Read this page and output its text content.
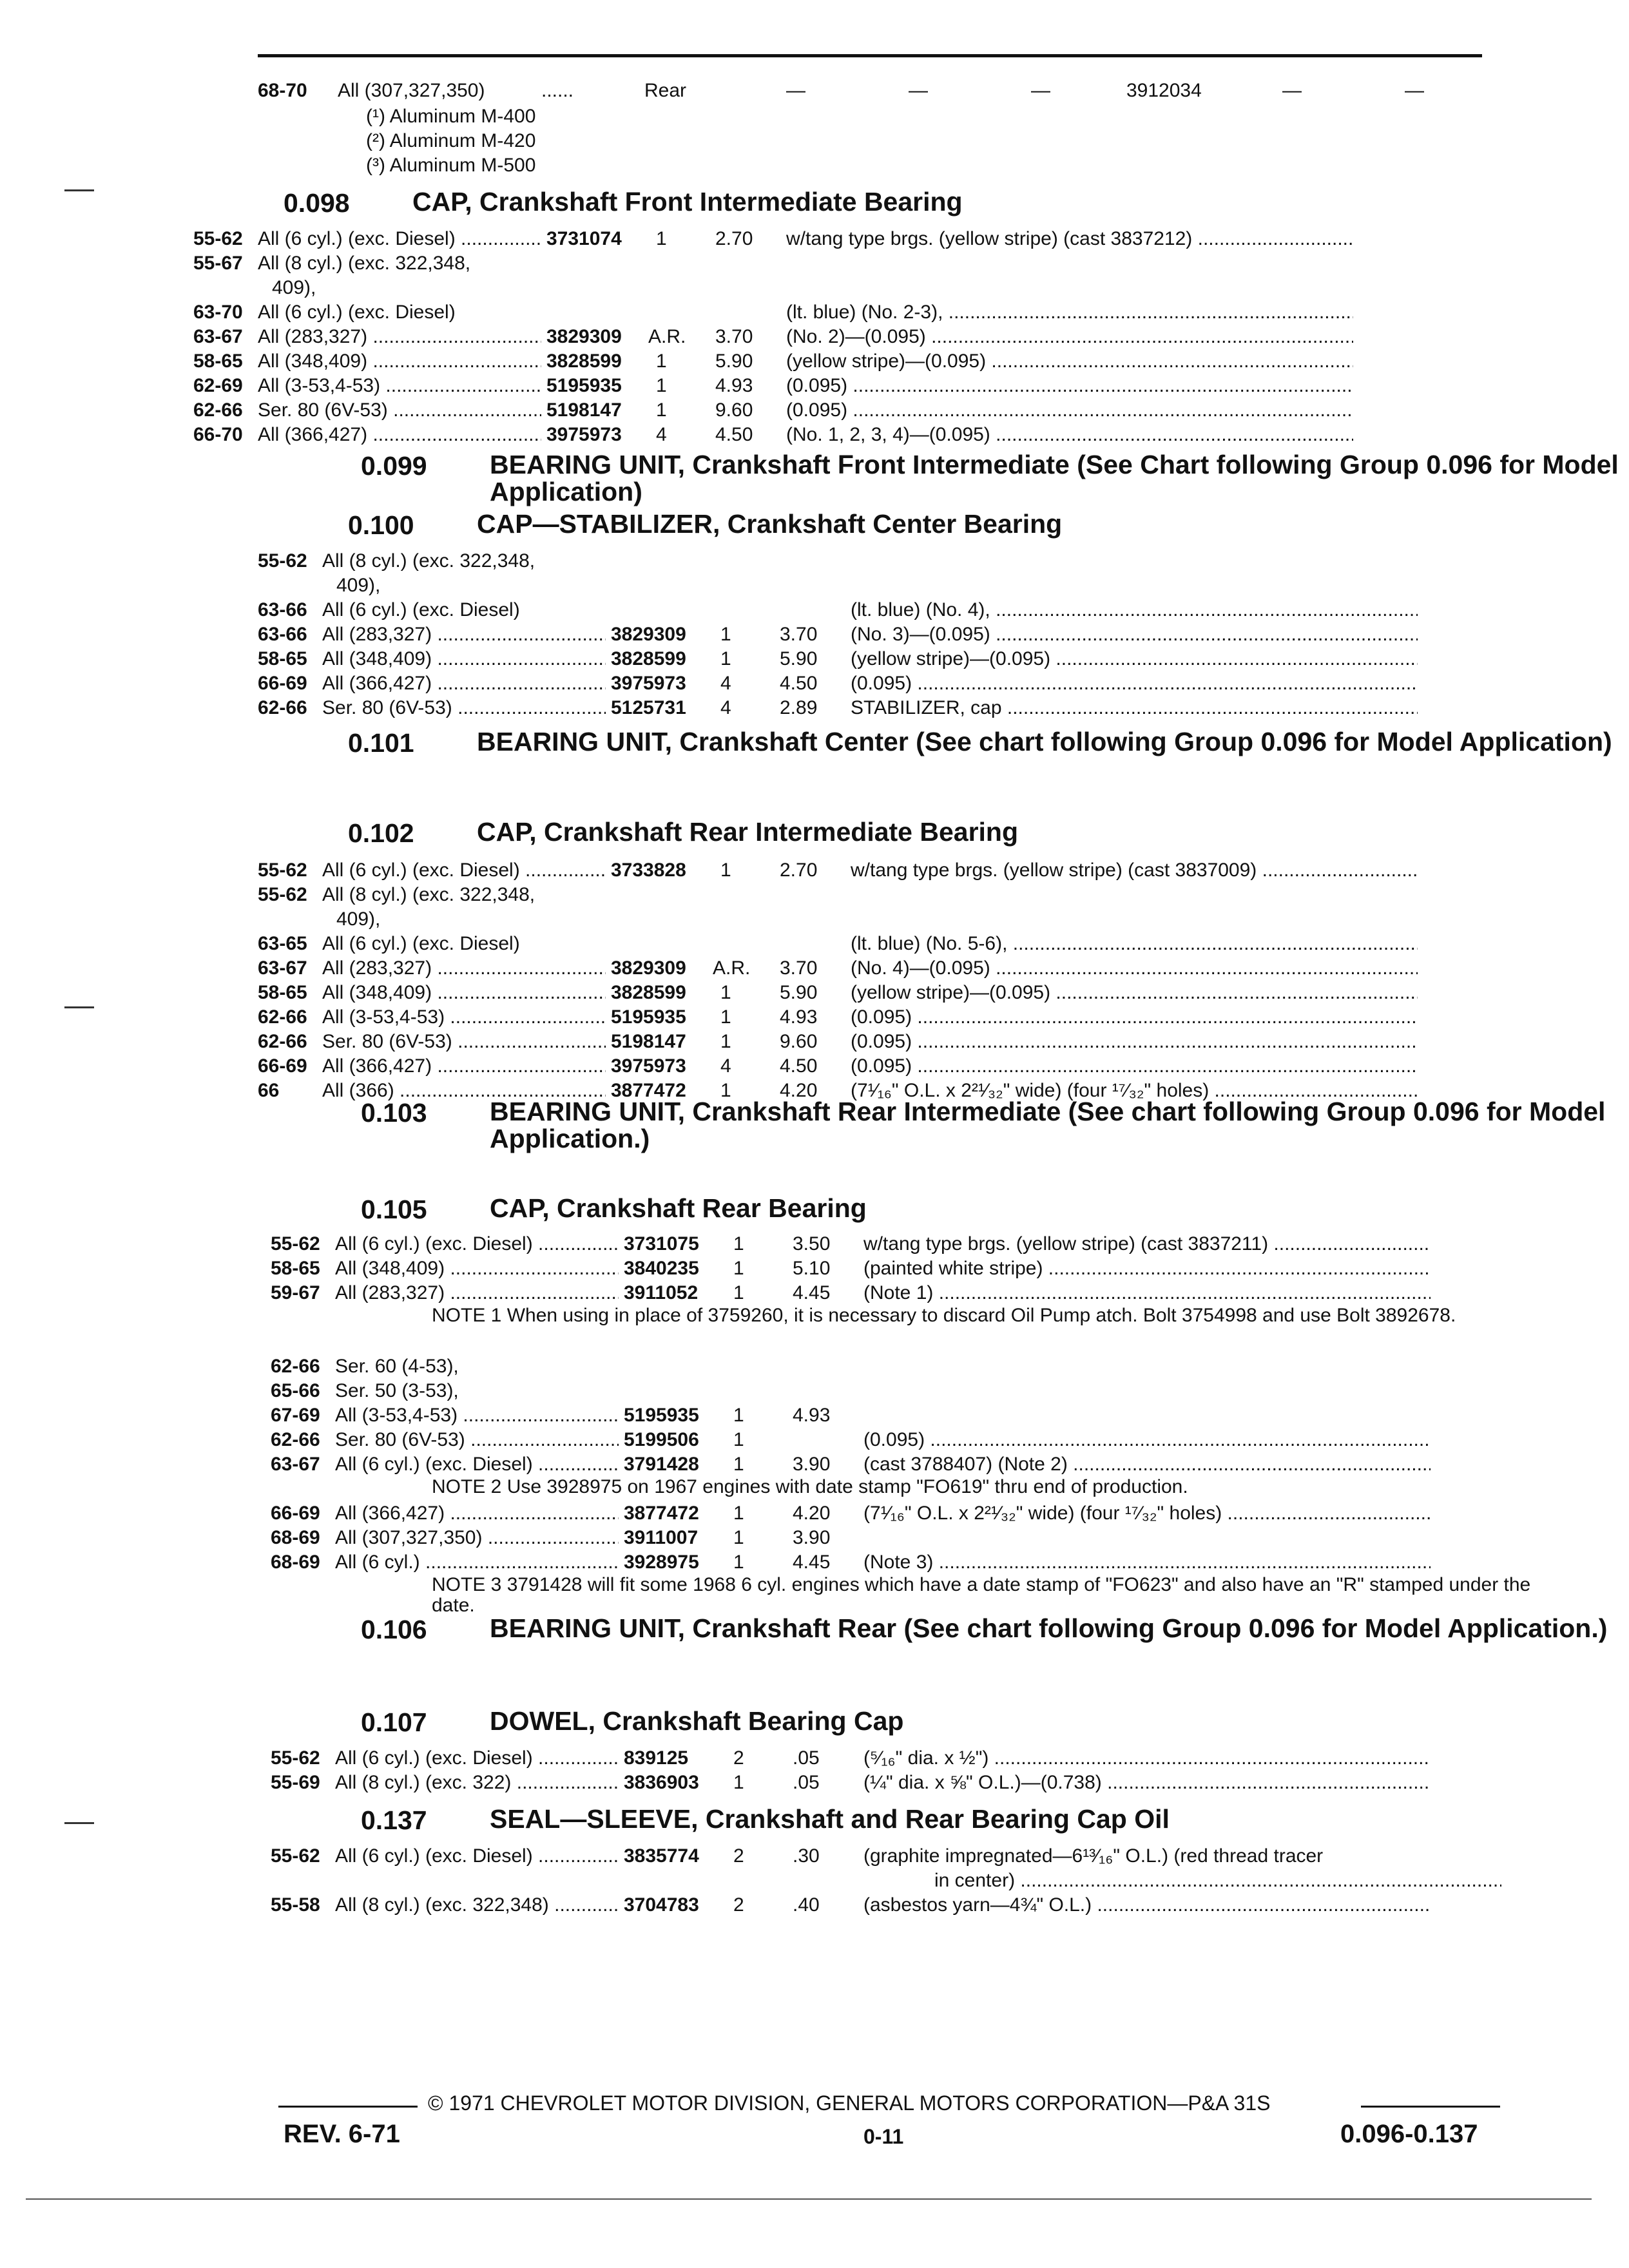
68-70 All (307,327,350)	......	Rear	—	—	—	3912034	—	—
(¹) Aluminum M-400
(²) Aluminum M-420
(³) Aluminum M-500
0.098 CAP, Crankshaft Front Intermediate Bearing
55-62 All (6 cyl.) (exc. Diesel) .....	3731074 1	2.70 w/tang type brgs. (yellow stripe) (cast 3837212) .....
55-67 All (8 cyl.) (exc. 322,348,
409),
63-70 All (6 cyl.) (exc. Diesel)	(lt. blue) (No. 2-3), .....
63-67 All (283,327) .....	3829309 A.R. 3.70 (No. 2)—(0.095) .....
58-65 All (348,409) .....	3828599 1	5.90 (yellow stripe)—(0.095) .....
62-69 All (3-53,4-53) .....	5195935 1	4.93 (0.095) .....
62-66 Ser. 80 (6V-53) .....	5198147 1	9.60 (0.095) .....
66-70 All (366,427) .....	3975973 4	4.50 (No. 1, 2, 3, 4)—(0.095) .....
0.099 BEARING UNIT, Crankshaft Front Intermediate (See Chart following Group 0.096 for Model Application)
0.100 CAP—STABILIZER, Crankshaft Center Bearing
55-62 All (8 cyl.) (exc. 322,348,
409),
63-66 All (6 cyl.) (exc. Diesel)	(lt. blue) (No. 4), .....
63-66 All (283,327) .....	3829309 1	3.70 (No. 3)—(0.095) .....
58-65 All (348,409) .....	3828599 1	5.90 (yellow stripe)—(0.095) .....
66-69 All (366,427) .....	3975973 4	4.50 (0.095) .....
62-66 Ser. 80 (6V-53) .....	5125731 4	2.89 STABILIZER, cap .....
0.101 BEARING UNIT, Crankshaft Center (See chart following Group 0.096 for Model Application)
0.102 CAP, Crankshaft Rear Intermediate Bearing
55-62 All (6 cyl.) (exc. Diesel) .....	3733828 1	2.70 w/tang type brgs. (yellow stripe) (cast 3837009) .....
55-62 All (8 cyl.) (exc. 322,348,
409),
63-65 All (6 cyl.) (exc. Diesel)	(lt. blue) (No. 5-6), .....
63-67 All (283,327) .....	3829309 A.R. 3.70 (No. 4)—(0.095) .....
58-65 All (348,409) .....	3828599 1	5.90 (yellow stripe)—(0.095) .....
62-66 All (3-53,4-53) .....	5195935 1	4.93 (0.095) .....
62-66 Ser. 80 (6V-53) .....	5198147 1	9.60 (0.095) .....
66-69 All (366,427) .....	3975973 4	4.50 (0.095) .....
66 All (366) .....	3877472 1	4.20 (7¹⁄₁₆" O.L. x 2²¹⁄₃₂" wide) (four ¹⁷⁄₃₂" holes) .....
0.103 BEARING UNIT, Crankshaft Rear Intermediate (See chart following Group 0.096 for Model Application.)
0.105 CAP, Crankshaft Rear Bearing
55-62 All (6 cyl.) (exc. Diesel) .....	3731075 1	3.50 w/tang type brgs. (yellow stripe) (cast 3837211) .....
58-65 All (348,409) .....	3840235 1	5.10 (painted white stripe) .....
59-67 All (283,327) .....	3911052 1	4.45 (Note 1) .....
NOTE 1 When using in place of 3759260, it is necessary to discard Oil Pump atch. Bolt 3754998 and use Bolt 3892678.
62-66 Ser. 60 (4-53),
65-66 Ser. 50 (3-53),
67-69 All (3-53,4-53) .....	5195935 1	4.93
62-66 Ser. 80 (6V-53) .....	5199506 1	(0.095) .....
63-67 All (6 cyl.) (exc. Diesel) .....	3791428 1	3.90 (cast 3788407) (Note 2) .....
NOTE 2 Use 3928975 on 1967 engines with date stamp "FO619" thru end of production.
66-69 All (366,427) .....	3877472 1	4.20 (7¹⁄₁₆" O.L. x 2²¹⁄₃₂" wide) (four ¹⁷⁄₃₂" holes) .....
68-69 All (307,327,350) .....	3911007 1	3.90
68-69 All (6 cyl.) .....	3928975 1	4.45 (Note 3) .....
NOTE 3 3791428 will fit some 1968 6 cyl. engines which have a date stamp of "FO623" and also have an "R" stamped under the date.
0.106 BEARING UNIT, Crankshaft Rear (See chart following Group 0.096 for Model Application.)
0.107 DOWEL, Crankshaft Bearing Cap
55-62 All (6 cyl.) (exc. Diesel) .....	839125 2	.05 (⁵⁄₁₆" dia. x ½") .....
55-69 All (8 cyl.) (exc. 322) .....	3836903 1	.05 (¼" dia. x ⅝" O.L.)—(0.738) .....
0.137 SEAL—SLEEVE, Crankshaft and Rear Bearing Cap Oil
55-62 All (6 cyl.) (exc. Diesel) .....	3835774 2	.30 (graphite impregnated—6¹³⁄₁₆" O.L.) (red thread tracer
in center) .....
55-58 All (8 cyl.) (exc. 322,348) .....	3704783 2	.40 (asbestos yarn—4¾" O.L.) .....
© 1971 CHEVROLET MOTOR DIVISION, GENERAL MOTORS CORPORATION—P&A 31S
REV. 6-71	0-11	0.096-0.137
